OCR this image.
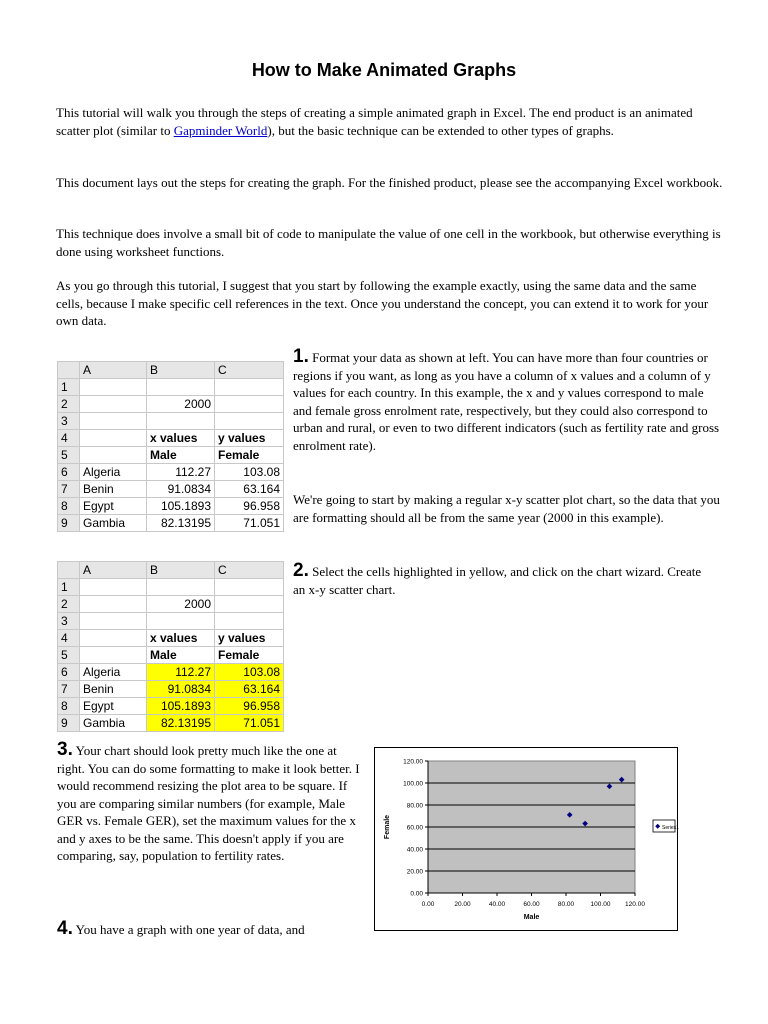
How to Make Animated Graphs

This tutorial will walk you through the steps of creating a simple animated graph in Excel. The end product is an animated scatter plot (similar to Gapminder World), but the basic technique can be extended to other types of graphs.

This document lays out the steps for creating the graph. For the finished product, please see the accompanying Excel workbook.

This technique does involve a small bit of code to manipulate the value of one cell in the workbook, but otherwise everything is done using worksheet functions.

As you go through this tutorial, I suggest that you start by following the example exactly, using the same data and the same cells, because I make specific cell references in the text. Once you understand the concept, you can extend it to work for your own data.

	A	B	C
1			
2		2000	
3			
4		x values	y values
5		Male	Female
6	Algeria	112.27	103.08
7	Benin	91.0834	63.164
8	Egypt	105.1893	96.958
9	Gambia	82.13195	71.051
	A	B	C
1			
2		2000	
3			
4		x values	y values
5		Male	Female
6	Algeria	112.27	103.08
7	Benin	91.0834	63.164
8	Egypt	105.1893	96.958
9	Gambia	82.13195	71.051

1. Format your data as shown at left. You can have more than four countries or regions if you want, as long as you have a column of x values and a column of y values for each country. In this example, the x and y values correspond to male and female gross enrolment rate, respectively, but they could also correspond to urban and rural, or even to two different indicators (such as fertility rate and gross enrolment rate).

We're going to start by making a regular x-y scatter plot chart, so the data that you are formatting should all be from the same year (2000 in this example).

2. Select the cells highlighted in yellow, and click on the chart wizard. Create an x-y scatter chart.

3. Your chart should look pretty much like the one at right. You can do some formatting to make it look better. I would recommend resizing the plot area to be square. If you are comparing similar numbers (for example, Male GER vs. Female GER), set the maximum values for the x and y axes to be the same. This doesn't apply if you are comparing, say, population to fertility rates.

4. You have a graph with one year of data, and

0.00
20.00
40.00
60.00
80.00
100.00
120.00
0.00	20.00	40.00	60.00	80.00	100.00 120.00
Male
Female	Series1
